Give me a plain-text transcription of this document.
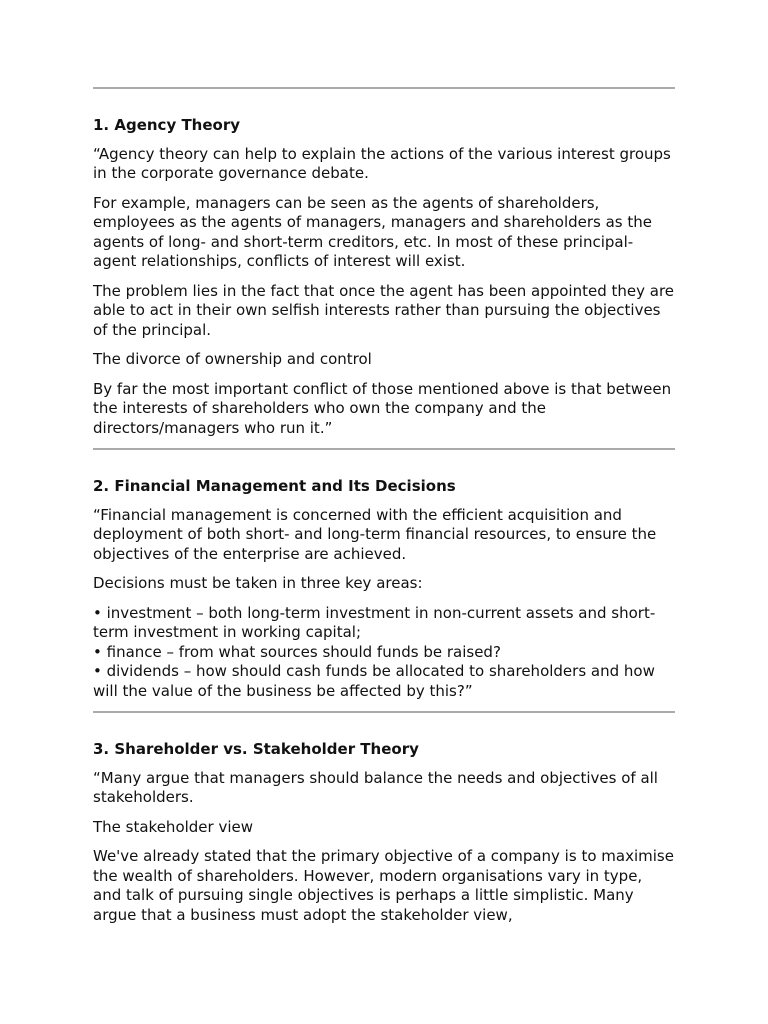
1. Agency Theory

“Agency theory can help to explain the actions of the various interest groups in the corporate governance debate.

For example, managers can be seen as the agents of shareholders, employees as the agents of managers, managers and shareholders as the agents of long- and short-term creditors, etc. In most of these principal-agent relationships, conflicts of interest will exist.

The problem lies in the fact that once the agent has been appointed they are able to act in their own selfish interests rather than pursuing the objectives of the principal.

The divorce of ownership and control

By far the most important conflict of those mentioned above is that between the interests of shareholders who own the company and the directors/managers who run it.”

2. Financial Management and Its Decisions

“Financial management is concerned with the efficient acquisition and deployment of both short- and long-term financial resources, to ensure the objectives of the enterprise are achieved.

Decisions must be taken in three key areas:

• investment – both long-term investment in non-current assets and short-term investment in working capital;
• finance – from what sources should funds be raised?
• dividends – how should cash funds be allocated to shareholders and how will the value of the business be affected by this?”
3. Shareholder vs. Stakeholder Theory

“Many argue that managers should balance the needs and objectives of all stakeholders.

The stakeholder view

We've already stated that the primary objective of a company is to maximise the wealth of shareholders. However, modern organisations vary in type, and talk of pursuing single objectives is perhaps a little simplistic. Many argue that a business must adopt the stakeholder view,
